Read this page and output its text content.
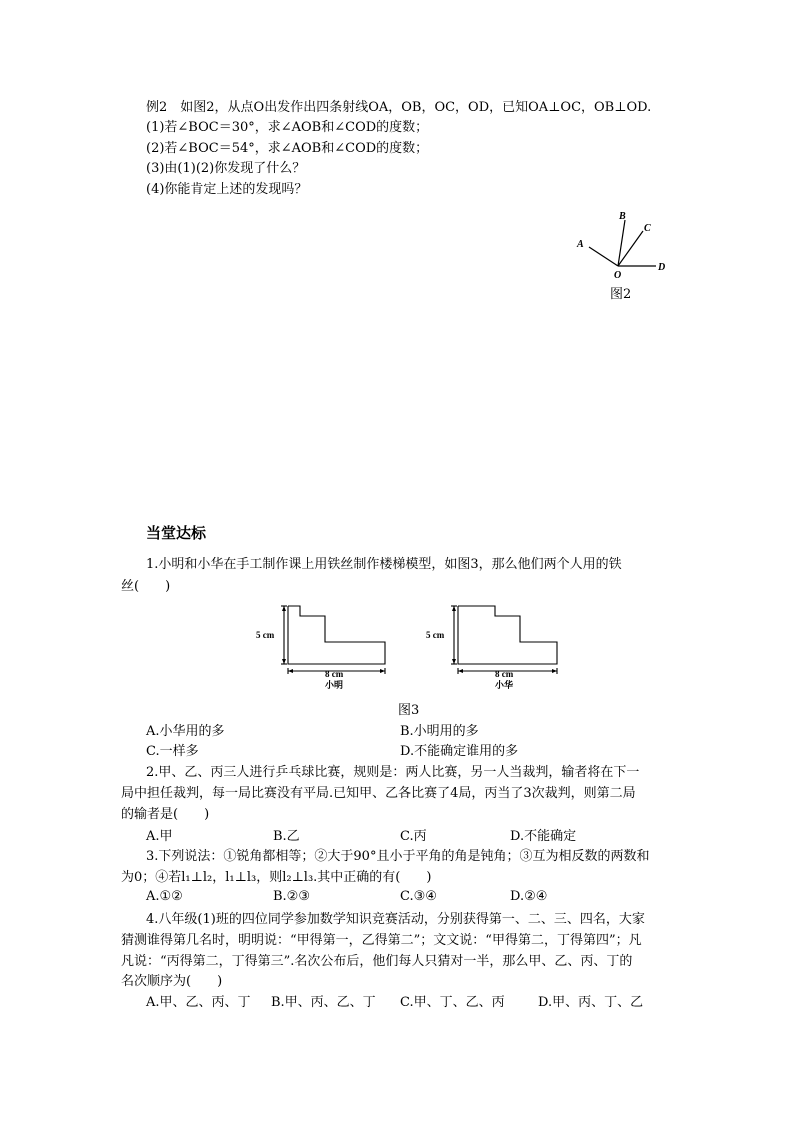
例2　如图2，从点O出发作出四条射线OA，OB，OC，OD，已知OA⊥OC，OB⊥OD.
(1)若∠BOC＝30°，求∠AOB和∠COD的度数；
(2)若∠BOC＝54°，求∠AOB和∠COD的度数；
(3)由(1)(2)你发现了什么？
(4)你能肯定上述的发现吗？
A
B
C
D
O
图2
当堂达标
1.小明和小华在手工制作课上用铁丝制作楼梯模型，如图3，那么他们两个人用的铁
丝(　　)
5 cm
8 cm
小明
5 cm
8 cm
小华
图3
A.小华用的多	B.小明用的多
C.一样多	D.不能确定谁用的多
2.甲、乙、丙三人进行乒乓球比赛，规则是：两人比赛，另一人当裁判，输者将在下一
局中担任裁判，每一局比赛没有平局.已知甲、乙各比赛了4局，丙当了3次裁判，则第二局
的输者是(　　)
A.甲	B.乙	C.丙	D.不能确定
3.下列说法：①锐角都相等；②大于90°且小于平角的角是钝角；③互为相反数的两数和
为0；④若l₁⊥l₂，l₁⊥l₃，则l₂⊥l₃.其中正确的有(　　)
A.①②	B.②③	C.③④	D.②④
4.八年级(1)班的四位同学参加数学知识竞赛活动，分别获得第一、二、三、四名，大家
猜测谁得第几名时，明明说：“甲得第一，乙得第二”；文文说：“甲得第二，丁得第四”；凡
凡说：“丙得第二，丁得第三”.名次公布后，他们每人只猜对一半，那么甲、乙、丙、丁的
名次顺序为(　　)
A.甲、乙、丙、丁 B.甲、丙、乙、丁 C.甲、丁、乙、丙	D.甲、丙、丁、乙
